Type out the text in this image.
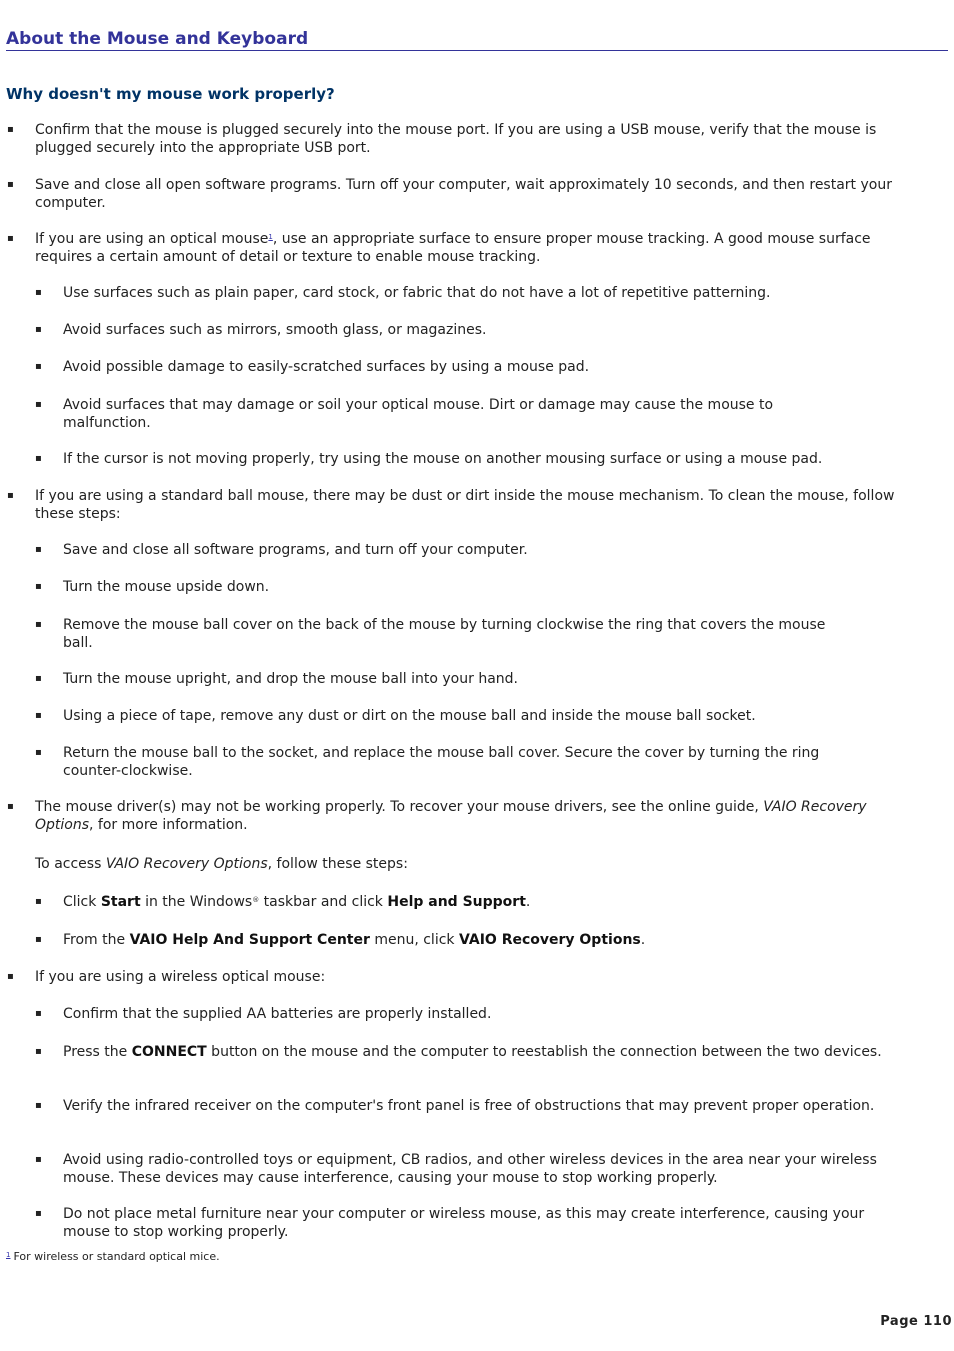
About the Mouse and Keyboard
Why doesn't my mouse work properly?
▪ Confirm that the mouse is plugged securely into the mouse port. If you are using a USB mouse, verify that the mouse is plugged securely into the appropriate USB port.
▪ Save and close all open software programs. Turn off your computer, wait approximately 10 seconds, and then restart your computer.
▪ If you are using an optical mouse$^1$, use an appropriate surface to ensure proper mouse tracking. A good mouse surface requires a certain amount of detail or texture to enable mouse tracking.
▪ Use surfaces such as plain paper, card stock, or fabric that do not have a lot of repetitive patterning.
▪ Avoid surfaces such as mirrors, smooth glass, or magazines.
▪ Avoid possible damage to easily-scratched surfaces by using a mouse pad.
▪ Avoid surfaces that may damage or soil your optical mouse. Dirt or damage may cause the mouse to malfunction.
▪ If the cursor is not moving properly, try using the mouse on another mousing surface or using a mouse pad.
▪ If you are using a standard ball mouse, there may be dust or dirt inside the mouse mechanism. To clean the mouse, follow these steps:
▪ Save and close all software programs, and turn off your computer.
▪ Turn the mouse upside down.
▪ Remove the mouse ball cover on the back of the mouse by turning clockwise the ring that covers the mouse ball.
▪ Turn the mouse upright, and drop the mouse ball into your hand.
▪ Using a piece of tape, remove any dust or dirt on the mouse ball and inside the mouse ball socket.
▪ Return the mouse ball to the socket, and replace the mouse ball cover. Secure the cover by turning the ring counter-clockwise.
▪ The mouse driver(s) may not be working properly. To recover your mouse drivers, see the online guide, VAIO Recovery Options, for more information.
To access VAIO Recovery Options, follow these steps:
▪ Click Start in the Windows® taskbar and click Help and Support.
▪ From the VAIO Help And Support Center menu, click VAIO Recovery Options.
▪ If you are using a wireless optical mouse:
▪ Confirm that the supplied AA batteries are properly installed.
▪ Press the CONNECT button on the mouse and the computer to reestablish the connection between the two devices.
▪ Verify the infrared receiver on the computer's front panel is free of obstructions that may prevent proper operation.
▪ Avoid using radio-controlled toys or equipment, CB radios, and other wireless devices in the area near your wireless mouse. These devices may cause interference, causing your mouse to stop working properly.
▪ Do not place metal furniture near your computer or wireless mouse, as this may create interference, causing your mouse to stop working properly.
$^1$ For wireless or standard optical mice.
Page 110
